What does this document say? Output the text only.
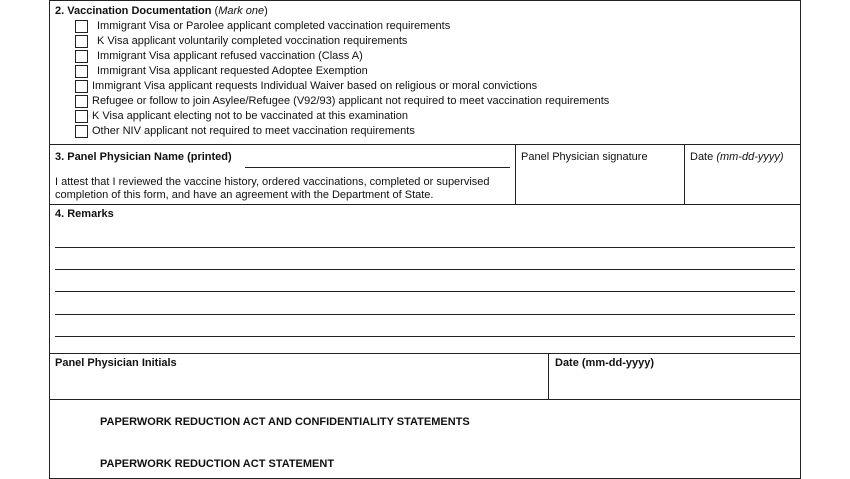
2. Vaccination Documentation (Mark one)
Immigrant Visa or Parolee applicant completed vaccination requirements
K Visa applicant voluntarily completed voccination requirements
Immigrant Visa applicant refused vaccination (Class A)
Immigrant Visa applicant requested Adoptee Exemption
Immigrant Visa applicant requests Individual Waiver based on religious or moral convictions
Refugee or follow to join Asylee/Refugee (V92/93) applicant not required to meet vaccination requirements
K Visa applicant electing not to be vaccinated at this examination
Other NIV applicant not required to meet vaccination requirements
3. Panel Physician Name (printed)
I attest that I reviewed the vaccine history, ordered vaccinations, completed or supervised
completion of this form, and have an agreement with the Department of State.
Panel Physician signature	Date (mm-dd-yyyy)
4. Remarks
Panel Physician Initials	Date (mm-dd-yyyy)
PAPERWORK REDUCTION ACT AND CONFIDENTIALITY STATEMENTS
PAPERWORK REDUCTION ACT STATEMENT
